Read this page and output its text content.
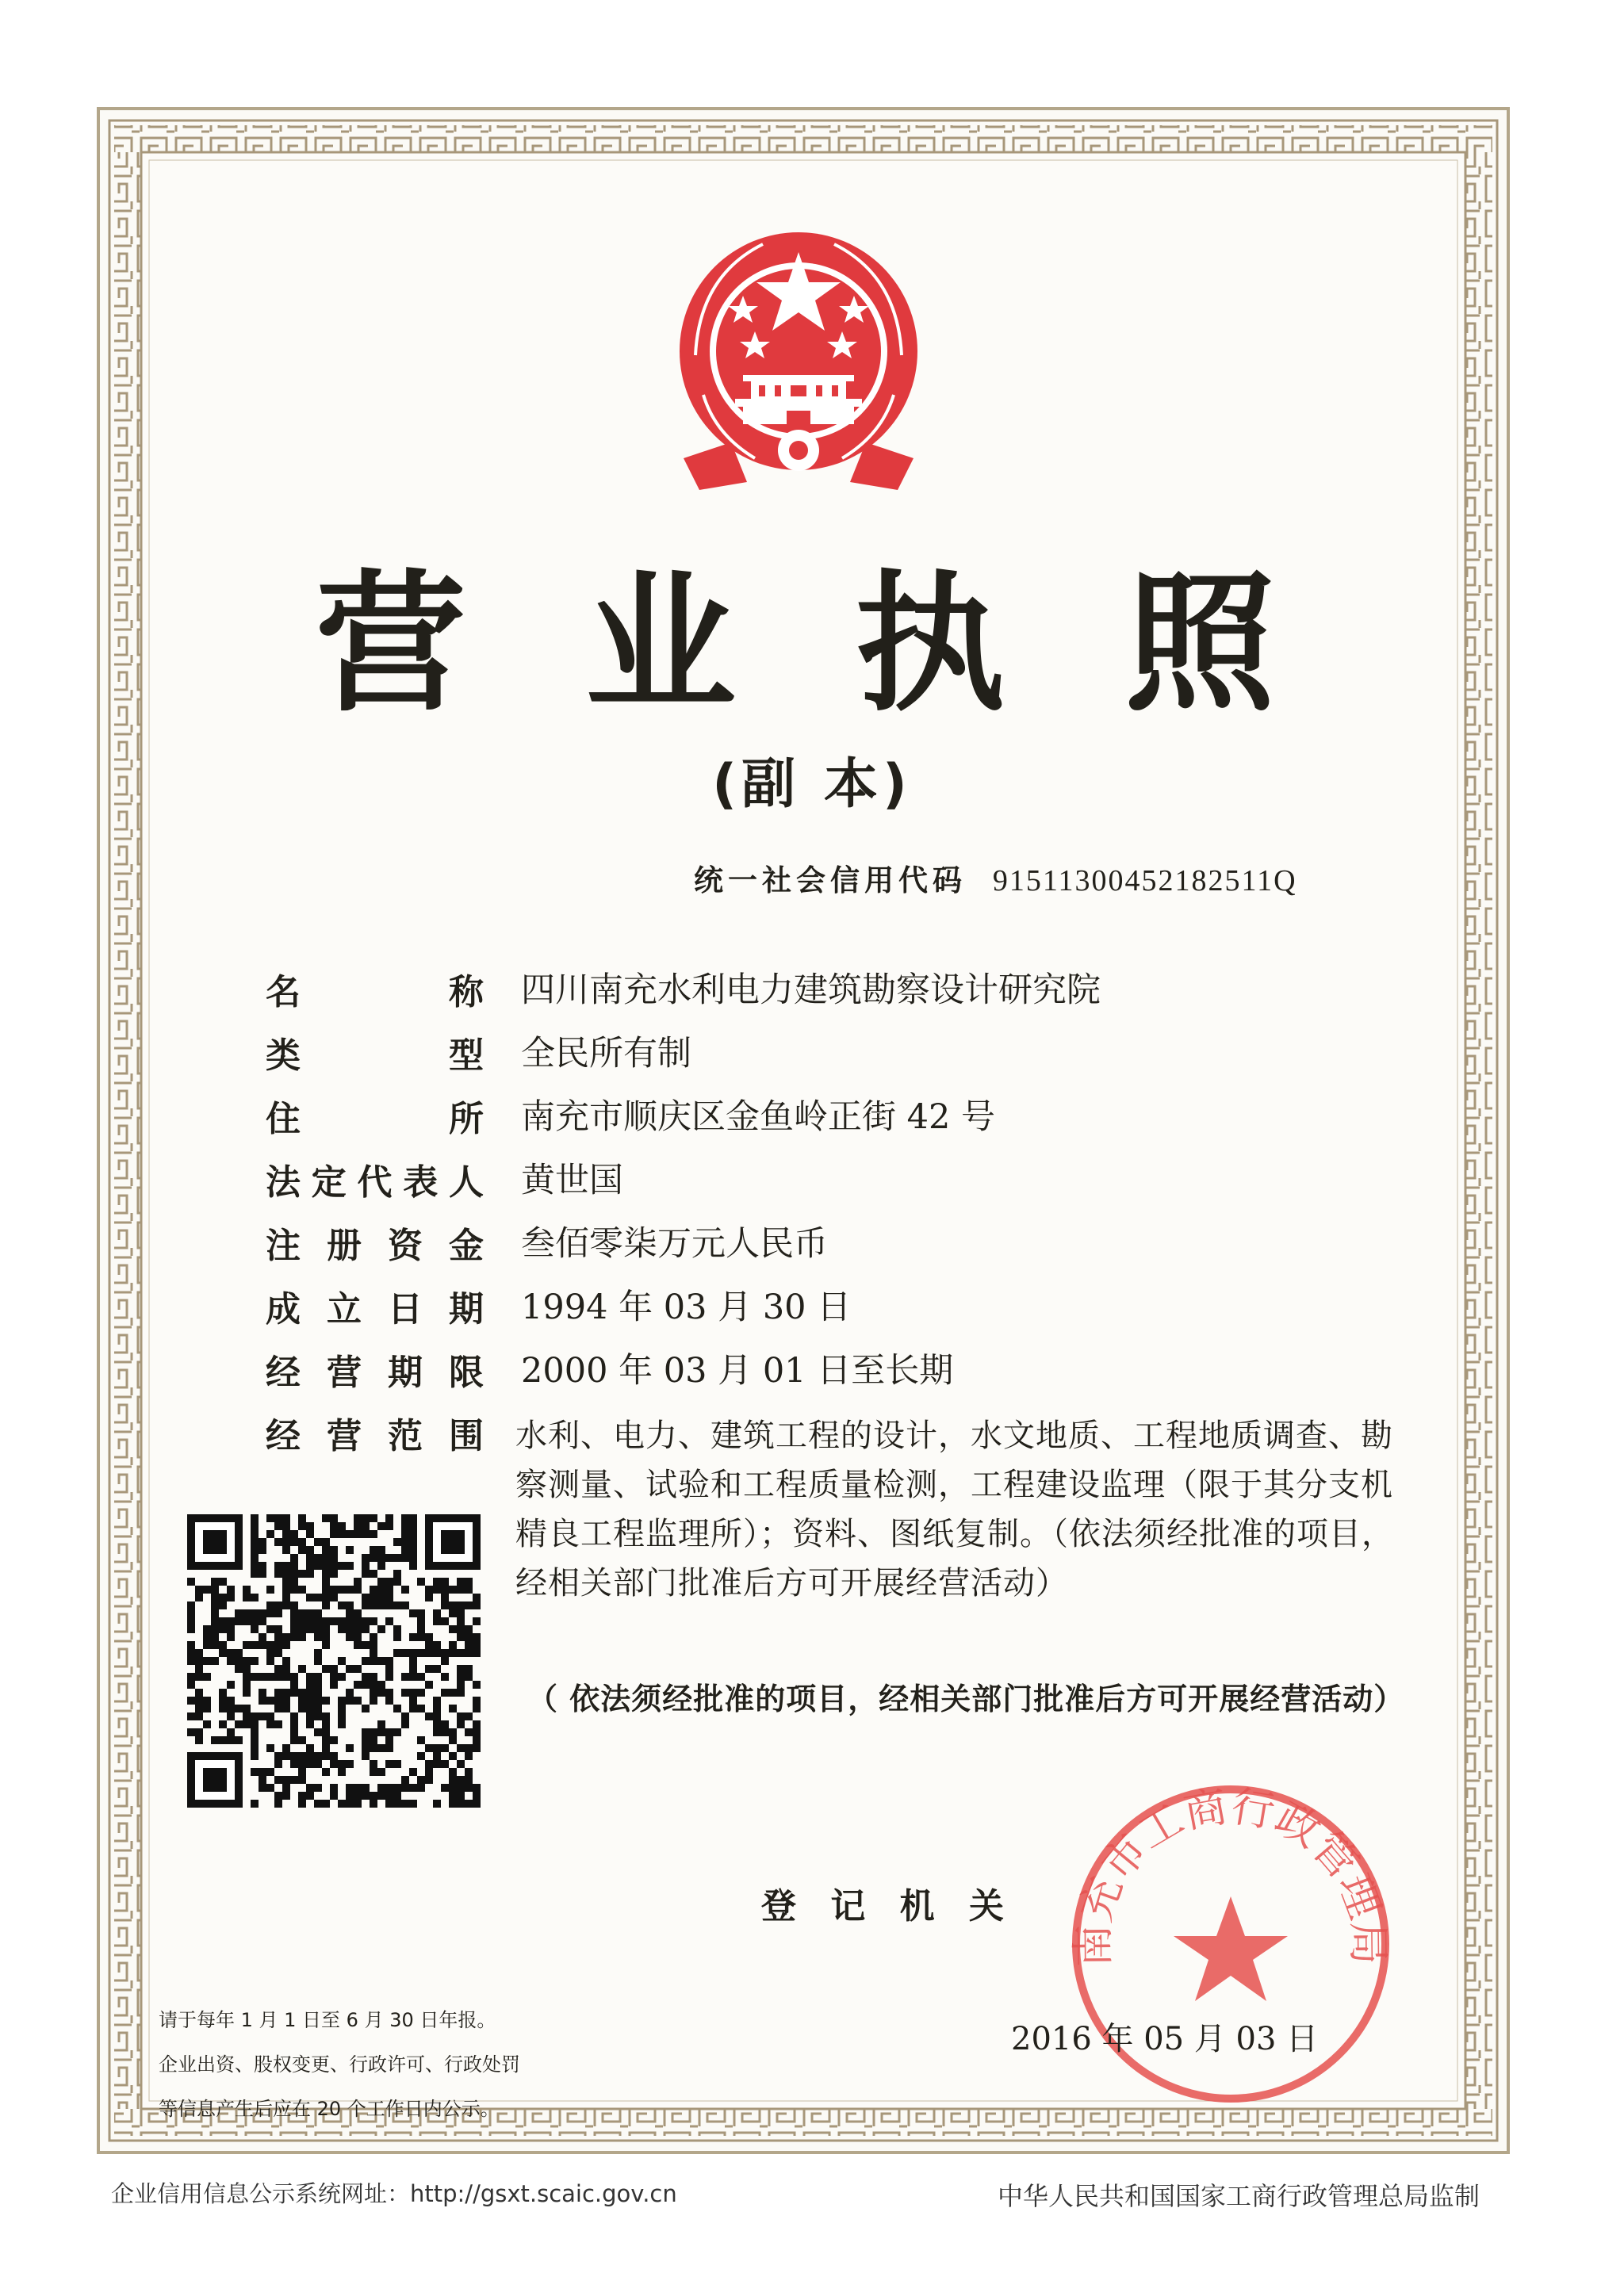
营 业 执 照
(副 本)
统一社会信用代码 91511300452182511Q
名	称 四川南充水利电力建筑勘察设计研究院
类	型 全民所有制
住	所 南充市顺庆区金鱼岭正街 42 号
法 定 代 表 人 黄世国
注 册 资 金 叁佰零柒万元人民币
成 立 日 期 1994 年 03 月 30 日
经 营 期 限 2000 年 03 月 01 日至长期
经 营 范 围 水利、电力、建筑工程的设计，水文地质、工程地质调查、勘
察测量、试验和工程质量检测，工程建设监理（限于其分支机
精良工程监理所）；资料、图纸复制。（依法须经批准的项目，
经相关部门批准后方可开展经营活动）
（ 依法须经批准的项目，经相关部门批准后方可开展经营活动）
登 记 机 关
南充市工商行政管理局
2016 年 05 月 03 日
请于每年 1 月 1 日至 6 月 30 日年报。
企业出资、股权变更、行政许可、行政处罚
等信息产生后应在 20 个工作日内公示。
企业信用信息公示系统网址：http://gsxt.scaic.gov.cn	中华人民共和国国家工商行政管理总局监制
